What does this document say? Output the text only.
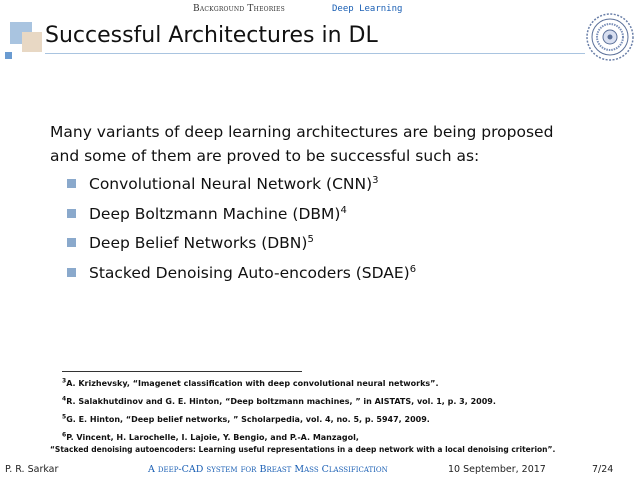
Background Theories	Deep Learning
Successful Architectures in DL
Many variants of deep learning architectures are being proposed
and some of them are proved to be successful such as:
Convolutional Neural Network (CNN)$^3$
Deep Boltzmann Machine (DBM)$^4$
Deep Belief Networks (DBN)$^5$
Stacked Denoising Auto-encoders (SDAE)$^6$
$^3$A. Krizhevsky, “Imagenet classification with deep convolutional neural networks”.
$^4$R. Salakhutdinov and G. E. Hinton, “Deep boltzmann machines, ” in AISTATS, vol. 1, p. 3, 2009.
$^5$G. E. Hinton, “Deep belief networks, ” Scholarpedia, vol. 4, no. 5, p. 5947, 2009.
$^6$P. Vincent, H. Larochelle, I. Lajoie, Y. Bengio, and P.-A. Manzagol,
“Stacked denoising autoencoders: Learning useful representations in a deep network with a local denoising criterion”.
P. R. Sarkar	A deep-CAD system for Breast Mass Classification	10 September, 2017	7/24
